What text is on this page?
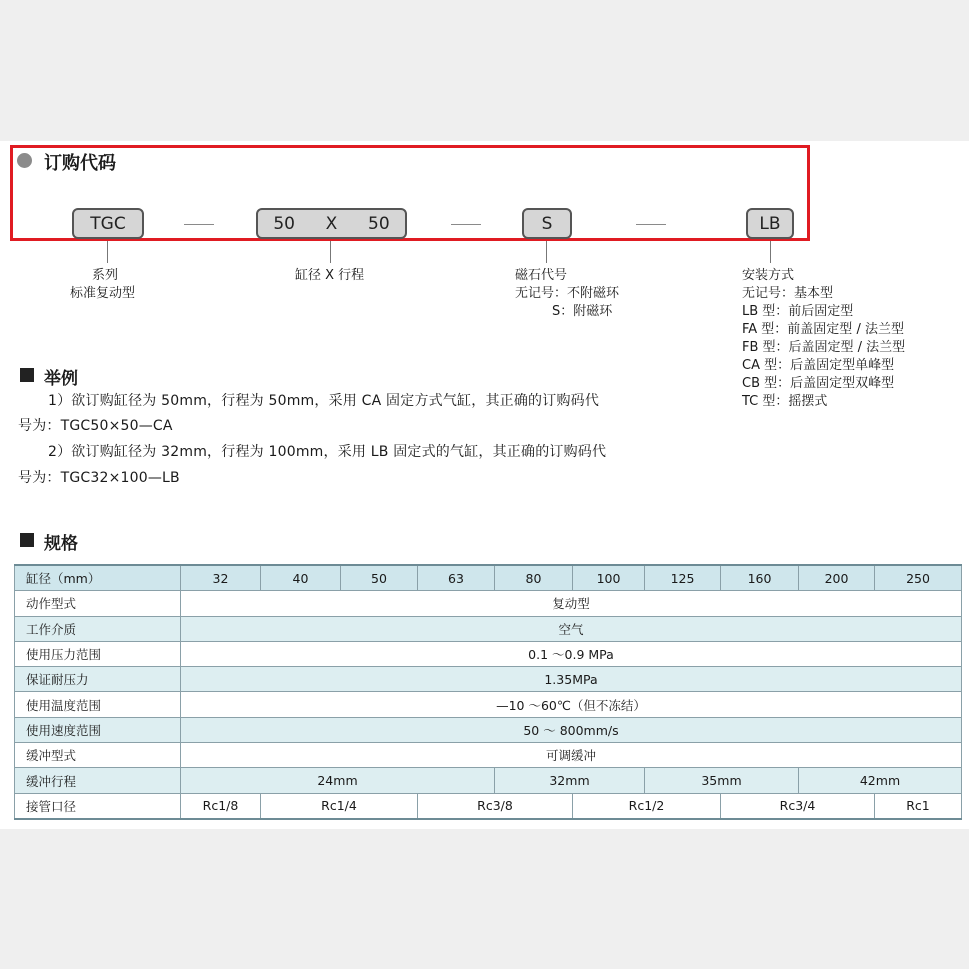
订购代码
TGC	50 X 50	S	LB
系列
标准复动型
缸径 X 行程	磁石代号
无记号：不附磁环
S：附磁环
安装方式
无记号：基本型
LB 型：前后固定型
FA 型：前盖固定型 / 法兰型
FB 型：后盖固定型 / 法兰型
CA 型：后盖固定型单峰型
CB 型：后盖固定型双峰型
TC 型：摇摆式
举例
1）欲订购缸径为 50mm，行程为 50mm，采用 CA 固定方式气缸，其正确的订购码代
号为：TGC50×50—CA
2）欲订购缸径为 32mm，行程为 100mm，采用 LB 固定式的气缸，其正确的订购码代
号为：TGC32×100—LB
规格
缸径（mm）	32	40	50	63	80	100	125	160	200	250
动作型式	复动型									
工作介质	空气									
使用压力范围	0.1 ～0.9 MPa									
保证耐压力	1.35MPa									
使用温度范围	—10 ～60℃（但不冻结）									
使用速度范围	50 ～ 800mm/s									
缓冲型式	可调缓冲									
缓冲行程	24mm				32mm		35mm		42mm	
接管口径	Rc1/8	Rc1/4		Rc3/8		Rc1/2		Rc3/4		Rc1
